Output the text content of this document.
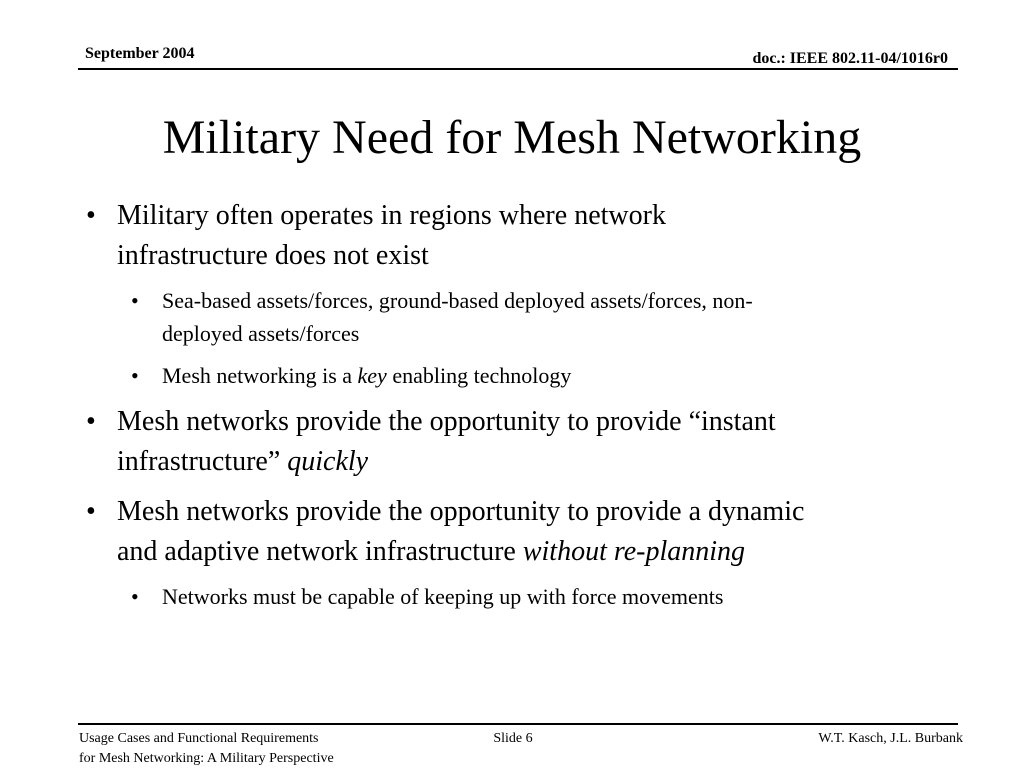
September 2004	doc.: IEEE 802.11-04/1016r0
Military Need for Mesh Networking
• Military often operates in regions where network
infrastructure does not exist
• Sea-based assets/forces, ground-based deployed assets/forces, non-
deployed assets/forces
• Mesh networking is a key enabling technology
• Mesh networks provide the opportunity to provide “instant
infrastructure” quickly
• Mesh networks provide the opportunity to provide a dynamic
and adaptive network infrastructure without re-planning
• Networks must be capable of keeping up with force movements
Usage Cases and Functional Requirements
for Mesh Networking: A Military Perspective
Slide 6	W.T. Kasch, J.L. Burbank
